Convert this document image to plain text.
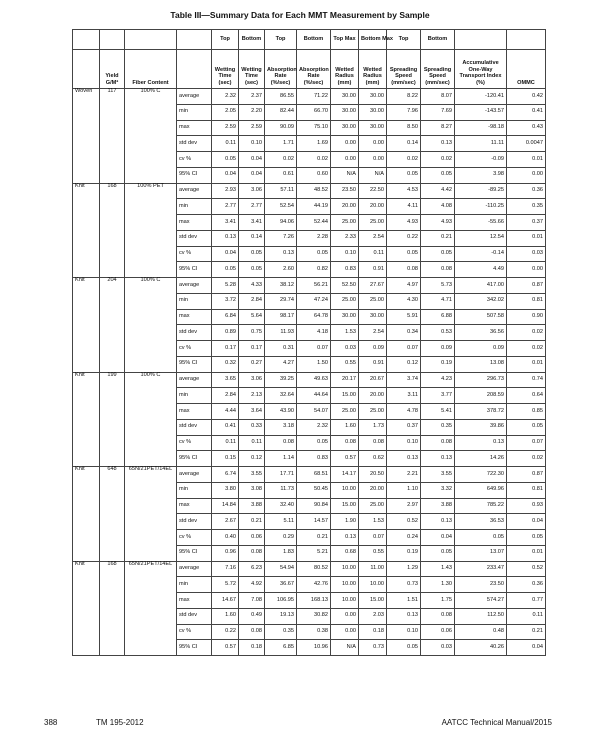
Table III—Summary Data for Each MMT Measurement by Sample
				Top	Bottom	Top	Bottom	Top Max	Bottom Max	Top	Bottom		
	Yield G/M²	Fiber Content		Wetting Time (sec)	Wetting Time (sec)	Absorption Rate (%/sec)	Absorption Rate (%/sec)	Wetted Radius (mm)	Wetted Radius (mm)	Spreading Speed (mm/sec)	Spreading Speed (mm/sec)	Accumulative One-Way Transport Index (%)	OMMC
Woven	117	100% C	average	2.32	2.37	86.55	71.22	30.00	30.00	8.22	8.07	-120.41	0.42
			min	2.05	2.20	82.44	66.70	30.00	30.00	7.96	7.69	-143.57	0.41
			max	2.59	2.59	90.09	75.10	30.00	30.00	8.50	8.27	-98.18	0.43
			std dev	0.11	0.10	1.71	1.69	0.00	0.00	0.14	0.13	11.11	0.0047
			cv %	0.05	0.04	0.02	0.02	0.00	0.00	0.02	0.02	-0.09	0.01
			95% CI	0.04	0.04	0.61	0.60	N/A	N/A	0.05	0.05	3.98	0.00
Knit	168	100% PET	average	2.93	3.06	57.11	48.52	23.50	22.50	4.53	4.42	-89.25	0.36
			min	2.77	2.77	52.54	44.19	20.00	20.00	4.11	4.08	-110.25	0.35
			max	3.41	3.41	94.06	52.44	25.00	25.00	4.93	4.93	-55.66	0.37
			std dev	0.13	0.14	7.26	2.28	2.33	2.54	0.22	0.21	12.54	0.01
			cv %	0.04	0.05	0.13	0.05	0.10	0.11	0.05	0.05	-0.14	0.03
			95% CI	0.05	0.05	2.60	0.82	0.83	0.91	0.08	0.08	4.49	0.00
Knit	204	100% C	average	5.28	4.33	38.12	56.21	52.50	27.67	4.97	5.73	417.00	0.87
			min	3.72	2.84	29.74	47.24	25.00	25.00	4.30	4.71	342.02	0.81
			max	6.84	5.64	98.17	64.78	30.00	30.00	5.91	6.88	507.58	0.90
			std dev	0.89	0.75	11.93	4.18	1.53	2.54	0.34	0.53	36.56	0.02
			cv %	0.17	0.17	0.31	0.07	0.03	0.09	0.07	0.09	0.09	0.02
			95% CI	0.32	0.27	4.27	1.50	0.55	0.91	0.12	0.19	13.08	0.01
Knit	199	100% C	average	3.65	3.06	39.25	49.63	20.17	20.67	3.74	4.23	296.73	0.74
			min	2.84	2.13	32.64	44.64	15.00	20.00	3.11	3.77	208.59	0.64
			max	4.44	3.64	43.90	54.07	25.00	25.00	4.78	5.41	378.72	0.85
			std dev	0.41	0.33	3.18	2.32	1.60	1.73	0.37	0.35	39.86	0.05
			cv %	0.11	0.11	0.08	0.05	0.08	0.08	0.10	0.08	0.13	0.07
			95% CI	0.15	0.12	1.14	0.83	0.57	0.62	0.13	0.13	14.26	0.02
Knit	648	65N/21PET/14EL	average	6.74	3.55	17.71	68.51	14.17	20.50	2.21	3.55	722.30	0.87
			min	3.80	3.08	11.73	50.45	10.00	20.00	1.10	3.32	649.96	0.81
			max	14.84	3.88	32.40	90.84	15.00	25.00	2.97	3.88	785.22	0.93
			std dev	2.67	0.21	5.11	14.57	1.90	1.53	0.52	0.13	36.53	0.04
			cv %	0.40	0.06	0.29	0.21	0.13	0.07	0.24	0.04	0.05	0.05
			95% CI	0.96	0.08	1.83	5.21	0.68	0.55	0.19	0.05	13.07	0.01
Knit	168	65N/21PET/14EL	average	7.16	6.23	54.94	80.52	10.00	11.00	1.29	1.43	233.47	0.52
			min	5.72	4.92	36.67	42.76	10.00	10.00	0.73	1.30	23.50	0.36
			max	14.67	7.08	106.95	168.13	10.00	15.00	1.51	1.75	574.27	0.77
			std dev	1.60	0.49	19.13	30.82	0.00	2.03	0.13	0.08	112.50	0.11
			cv %	0.22	0.08	0.35	0.38	0.00	0.18	0.10	0.06	0.48	0.21
			95% CI	0.57	0.18	6.85	10.96	N/A	0.73	0.05	0.03	40.26	0.04
388	TM 195-2012	AATCC Technical Manual/2015
